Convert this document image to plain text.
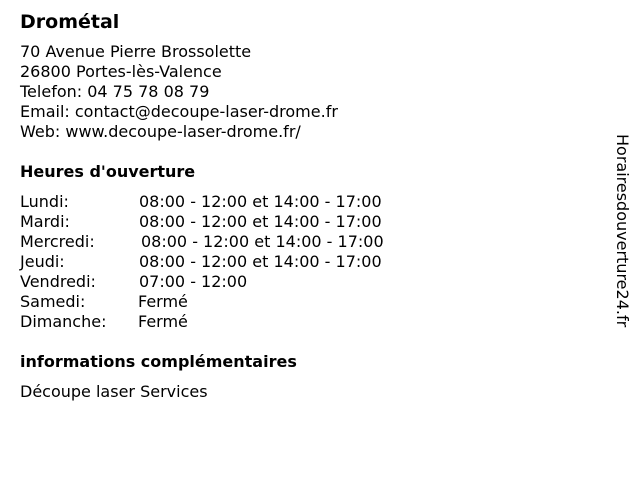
Drométal
70 Avenue Pierre Brossolette
26800 Portes-lès-Valence
Telefon: 04 75 78 08 79
Email: contact@decoupe-laser-drome.fr
Web: www.decoupe-laser-drome.fr/
Heures d'ouverture
Lundi:	08:00 - 12:00 et 14:00 - 17:00
Mardi:	08:00 - 12:00 et 14:00 - 17:00
Mercredi:	08:00 - 12:00 et 14:00 - 17:00
Jeudi:	08:00 - 12:00 et 14:00 - 17:00
Vendredi:	07:00 - 12:00
Samedi:	Fermé
Dimanche:	Fermé
informations complémentaires
Découpe laser Services
Horairesdouverture24.fr
